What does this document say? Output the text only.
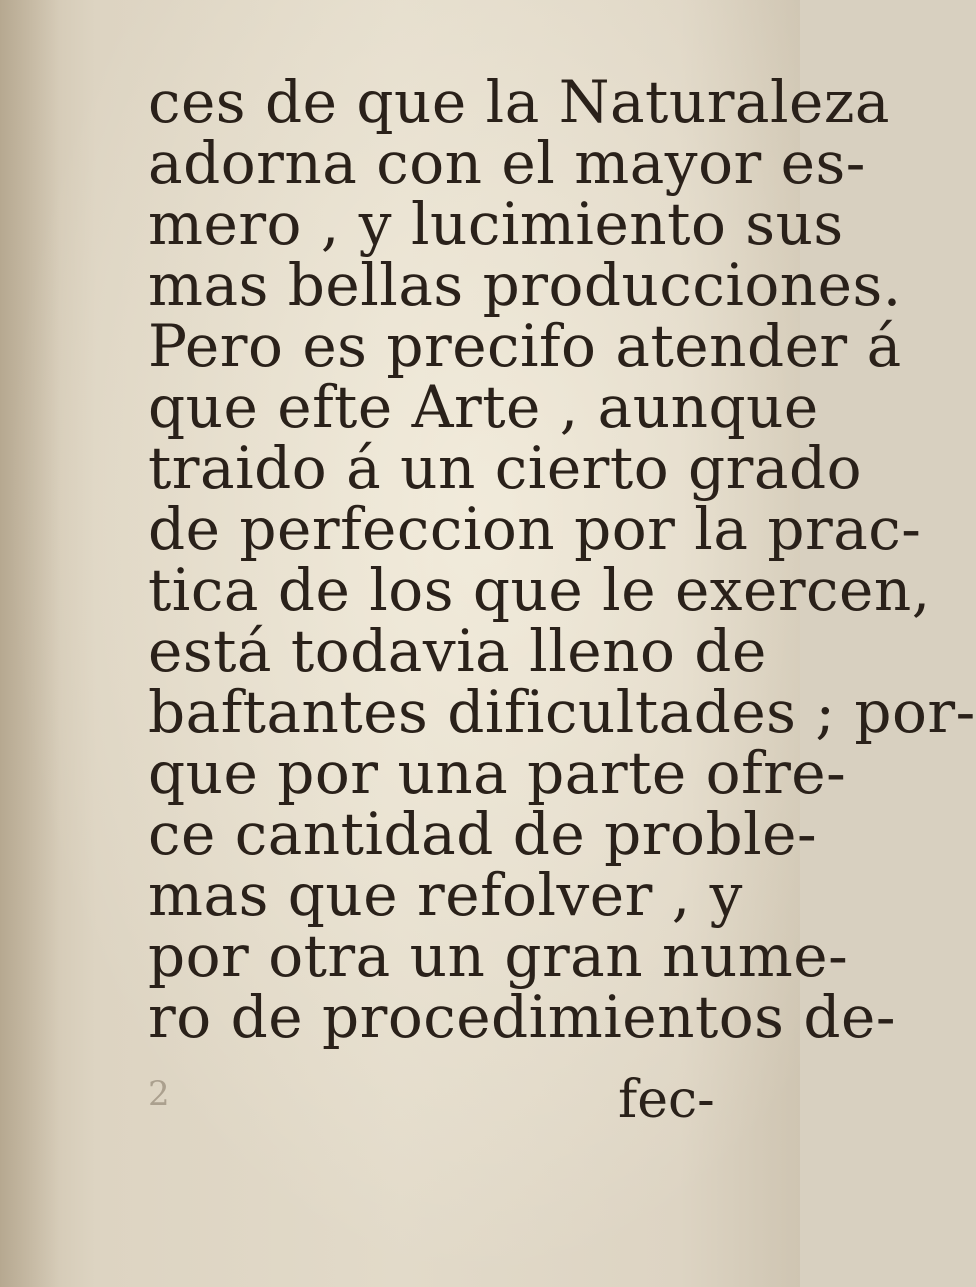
ces de que la Naturaleza
adorna con el mayor es-
mero , y lucimiento sus
mas bellas producciones.
Pero es precifo atender á
que efte Arte , aunque
traido á un cierto grado
de perfeccion por la prac-
tica de los que le exercen,
está todavia lleno de
baftantes dificultades ; por-
que por una parte ofre-
ce cantidad de proble-
mas que refolver , y
por otra un gran nume-
ro de procedimientos de-
2	fec-
